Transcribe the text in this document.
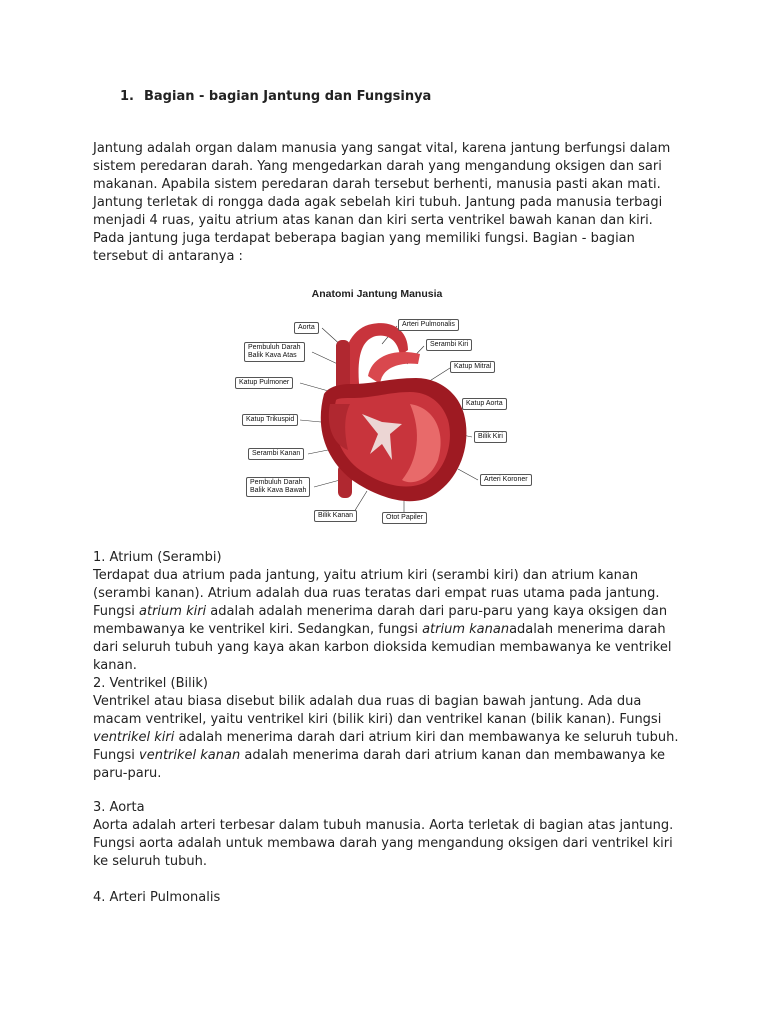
1. Bagian - bagian Jantung dan Fungsinya
Jantung adalah organ dalam manusia yang sangat vital, karena jantung berfungsi dalam sistem peredaran darah. Yang mengedarkan darah yang mengandung oksigen dan sari makanan. Apabila sistem peredaran darah tersebut berhenti, manusia pasti akan mati. Jantung terletak di rongga dada agak sebelah kiri tubuh. Jantung pada manusia terbagi menjadi 4 ruas, yaitu atrium atas kanan dan kiri serta ventrikel bawah kanan dan kiri. Pada jantung juga terdapat beberapa bagian yang memiliki fungsi. Bagian - bagian tersebut di antaranya :
Anatomi Jantung Manusia
Aorta	Arteri Pulmonalis
Pembuluh Darah
Balik Kava Atas
Serambi Kiri
Katup Mitral
Katup Pulmoner
Katup Aorta
Katup Trikuspid
Bilik Kiri
Serambi Kanan
Arteri Koroner
Pembuluh Darah
Balik Kava Bawah
Bilik Kanan	Otot Papiler

1. Atrium (Serambi)

Terdapat dua atrium pada jantung, yaitu atrium kiri (serambi kiri) dan atrium kanan (serambi kanan). Atrium adalah dua ruas teratas dari empat ruas utama pada jantung. Fungsi atrium kiri adalah adalah menerima darah dari paru-paru yang kaya oksigen dan membawanya ke ventrikel kiri. Sedangkan, fungsi atrium kananadalah menerima darah dari seluruh tubuh yang kaya akan karbon dioksida kemudian membawanya ke ventrikel kanan.

2. Ventrikel (Bilik)

Ventrikel atau biasa disebut bilik adalah dua ruas di bagian bawah jantung. Ada dua macam ventrikel, yaitu ventrikel kiri (bilik kiri) dan ventrikel kanan (bilik kanan). Fungsi ventrikel kiri adalah menerima darah dari atrium kiri dan membawanya ke seluruh tubuh.

Fungsi ventrikel kanan adalah menerima darah dari atrium kanan dan membawanya ke paru-paru.

3. Aorta

Aorta adalah arteri terbesar dalam tubuh manusia. Aorta terletak di bagian atas jantung. Fungsi aorta adalah untuk membawa darah yang mengandung oksigen dari ventrikel kiri ke seluruh tubuh.

4. Arteri Pulmonalis
